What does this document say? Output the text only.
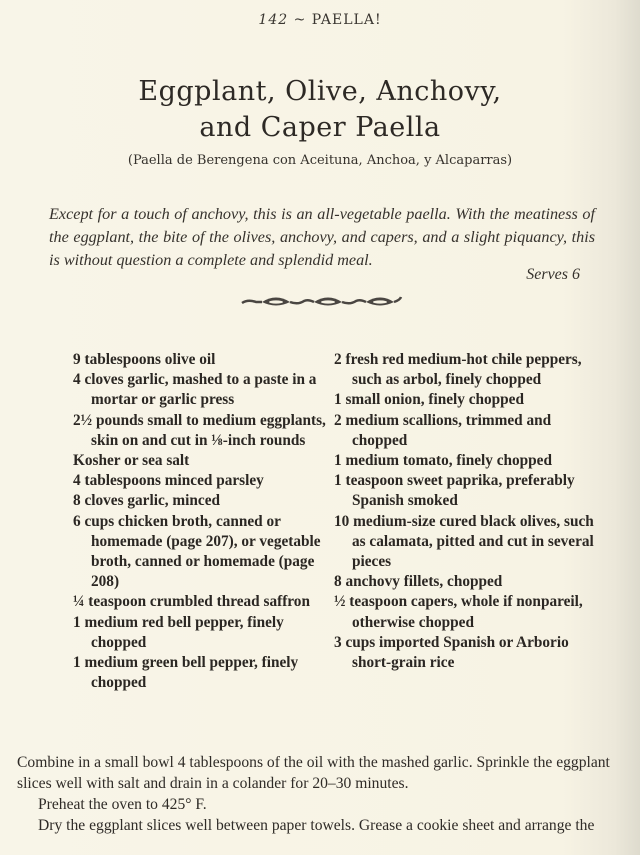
142 ~ PAELLA!
Eggplant, Olive, Anchovy,
and Caper Paella
(Paella de Berengena con Aceituna, Anchoa, y Alcaparras)
Except for a touch of anchovy, this is an all-vegetable paella. With the meatiness of the eggplant, the bite of the olives, anchovy, and capers, and a slight piquancy, this is without question a complete and splendid meal.
Serves 6
9 tablespoons olive oil
4 cloves garlic, mashed to a paste in a mortar or garlic press
2½ pounds small to medium eggplants, skin on and cut in ⅛-inch rounds
Kosher or sea salt
4 tablespoons minced parsley
8 cloves garlic, minced
6 cups chicken broth, canned or homemade (page 207), or vegetable broth, canned or homemade (page 208)
¼ teaspoon crumbled thread saffron
1 medium red bell pepper, finely chopped
1 medium green bell pepper, finely chopped
2 fresh red medium-hot chile peppers, such as arbol, finely chopped
1 small onion, finely chopped
2 medium scallions, trimmed and chopped
1 medium tomato, finely chopped
1 teaspoon sweet paprika, preferably Spanish smoked
10 medium-size cured black olives, such as calamata, pitted and cut in several pieces
8 anchovy fillets, chopped
½ teaspoon capers, whole if nonpareil, otherwise chopped
3 cups imported Spanish or Arborio short-grain rice

Combine in a small bowl 4 tablespoons of the oil with the mashed garlic. Sprinkle the eggplant slices well with salt and drain in a colander for 20–30 minutes.

Preheat the oven to 425° F.

Dry the eggplant slices well between paper towels. Grease a cookie sheet and arrange the
